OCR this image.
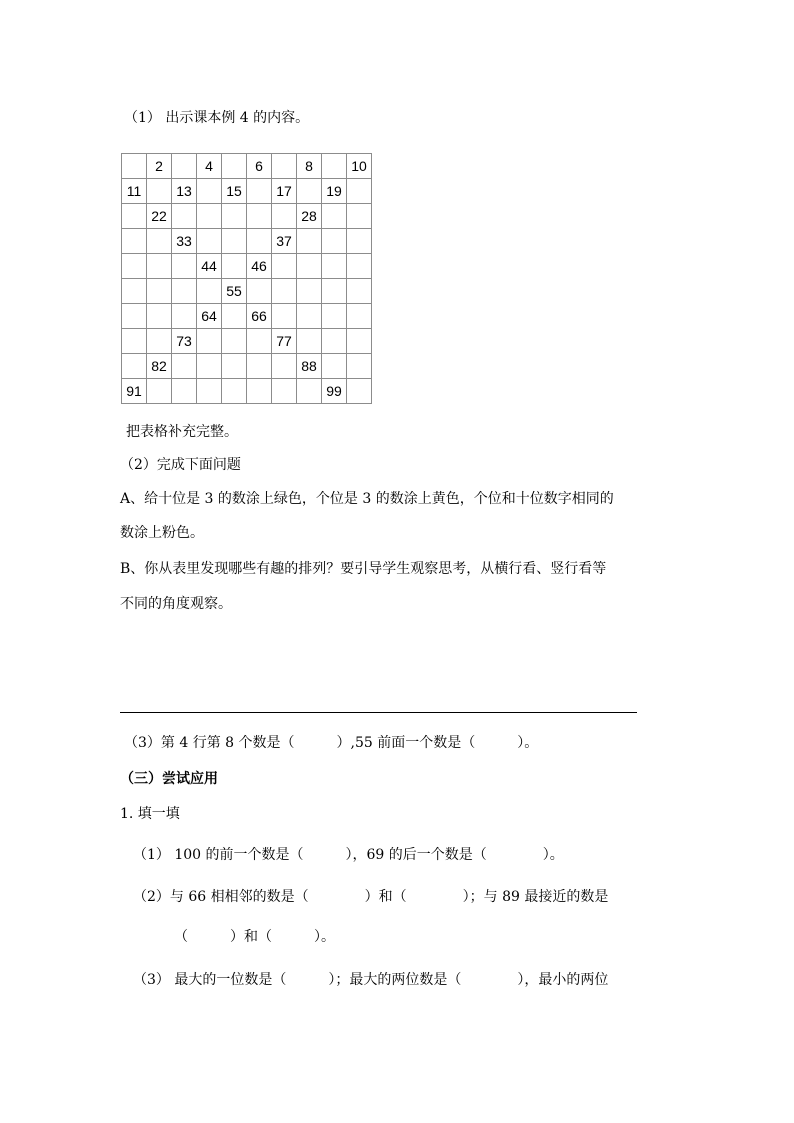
（1） 出示课本例 4 的内容。
	2		4		6		8		10
11		13		15		17		19	
	22						28		
		33				37			
			44		46				
				55					
			64		66				
		73				77			
	82						88		
91								99	
把表格补充完整。
（2）完成下面问题
A、给十位是 3 的数涂上绿色，个位是 3 的数涂上黄色，个位和十位数字相同的
数涂上粉色。
B、你从表里发现哪些有趣的排列？要引导学生观察思考，从横行看、竖行看等
不同的角度观察。
（3）第 4 行第 8 个数是（　　　）,55 前面一个数是（　　　）。
（三）尝试应用
1. 填一填
（1） 100 的前一个数是（　　　），69 的后一个数是（　　　　）。
（2）与 66 相相邻的数是（　　　　）和（　　　　）；与 89 最接近的数是
（　　　）和（　　　）。
（3） 最大的一位数是（　　　）；最大的两位数是（　　　　），最小的两位
